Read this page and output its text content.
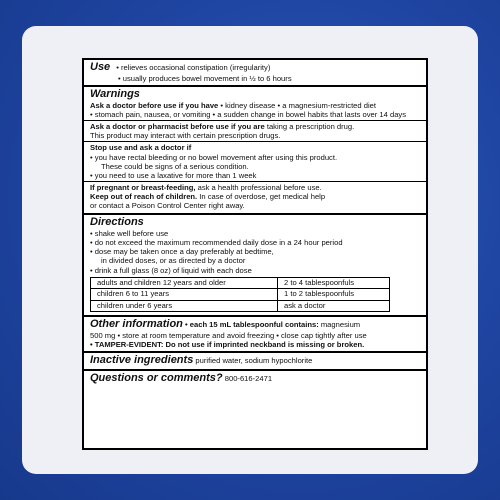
Use • relieves occasional constipation (irregularity)
• usually produces bowel movement in ½ to 6 hours
Warnings
Ask a doctor before use if you have • kidney disease • a magnesium-restricted diet
• stomach pain, nausea, or vomiting • a sudden change in bowel habits that lasts over 14 days
Ask a doctor or pharmacist before use if you are taking a prescription drug.
This product may interact with certain prescription drugs.
Stop use and ask a doctor if
• you have rectal bleeding or no bowel movement after using this product.
These could be signs of a serious condition.
• you need to use a laxative for more than 1 week
If pregnant or breast-feeding, ask a health professional before use.
Keep out of reach of children. In case of overdose, get medical help
or contact a Poison Control Center right away.
Directions
• shake well before use
• do not exceed the maximum recommended daily dose in a 24 hour period
• dose may be taken once a day preferably at bedtime,
in divided doses, or as directed by a doctor
• drink a full glass (8 oz) of liquid with each dose
adults and children 12 years and older	2 to 4 tablespoonfuls
children 6 to 11 years	1 to 2 tablespoonfuls
children under 6 years	ask a doctor
Other information • each 15 mL tablespoonful contains: magnesium
500 mg • store at room temperature and avoid freezing • close cap tightly after use
• TAMPER-EVIDENT: Do not use if imprinted neckband is missing or broken.
Inactive ingredients purified water, sodium hypochlorite
Questions or comments? 800-616-2471
